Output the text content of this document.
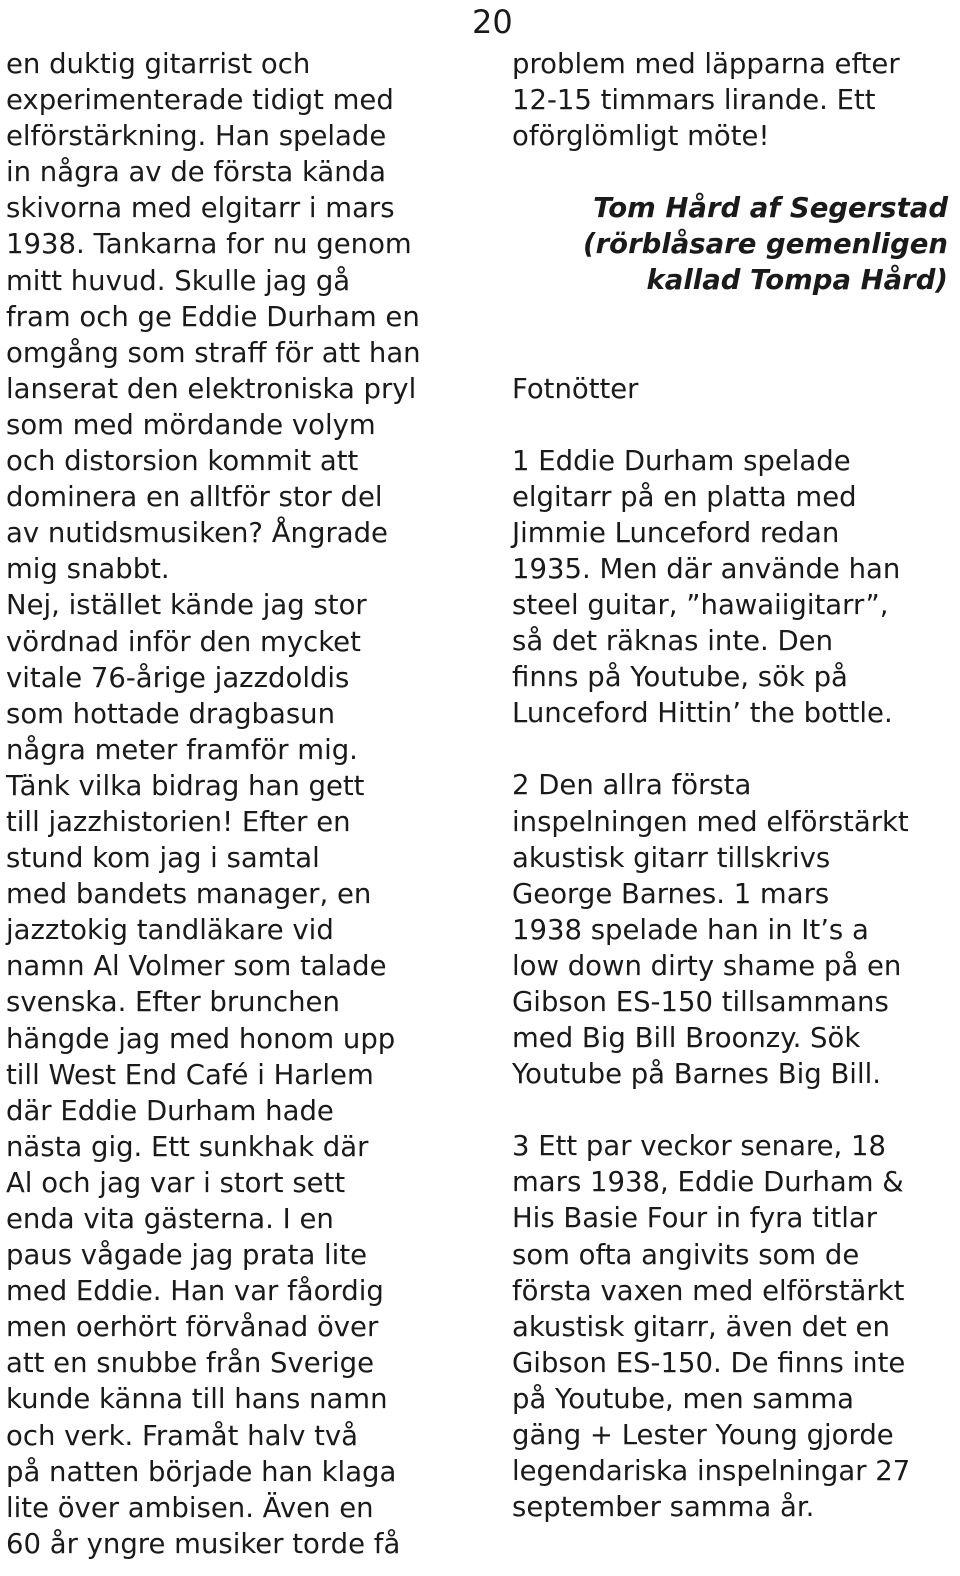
20
en duktig gitarrist och
experimenterade tidigt med
elförstärkning. Han spelade
in några av de första kända
skivorna med elgitarr i mars
1938. Tankarna for nu genom
mitt huvud. Skulle jag gå
fram och ge Eddie Durham en
omgång som straff för att han
lanserat den elektroniska pryl
som med mördande volym
och distorsion kommit att
dominera en alltför stor del
av nutidsmusiken? Ångrade
mig snabbt.
Nej, istället kände jag stor
vördnad inför den mycket
vitale 76-årige jazzdoldis
som hottade dragbasun
några meter framför mig.
Tänk vilka bidrag han gett
till jazzhistorien! Efter en
stund kom jag i samtal
med bandets manager, en
jazztokig tandläkare vid
namn Al Volmer som talade
svenska. Efter brunchen
hängde jag med honom upp
till West End Café i Harlem
där Eddie Durham hade
nästa gig. Ett sunkhak där
Al och jag var i stort sett
enda vita gästerna. I en
paus vågade jag prata lite
med Eddie. Han var fåordig
men oerhört förvånad över
att en snubbe från Sverige
kunde känna till hans namn
och verk. Framåt halv två
på natten började han klaga
lite över ambisen. Även en
60 år yngre musiker torde få
problem med läpparna efter
12-15 timmars lirande. Ett
oförglömligt möte!
Tom Hård af Segerstad
(rörblåsare gemenligen
kallad Tompa Hård)
Fotnötter
1 Eddie Durham spelade
elgitarr på en platta med
Jimmie Lunceford redan
1935. Men där använde han
steel guitar, ”hawaiigitarr”,
så det räknas inte. Den
finns på Youtube, sök på
Lunceford Hittin’ the bottle.
2 Den allra första
inspelningen med elförstärkt
akustisk gitarr tillskrivs
George Barnes. 1 mars
1938 spelade han in It’s a
low down dirty shame på en
Gibson ES-150 tillsammans
med Big Bill Broonzy. Sök
Youtube på Barnes Big Bill.
3 Ett par veckor senare, 18
mars 1938, Eddie Durham &
His Basie Four in fyra titlar
som ofta angivits som de
första vaxen med elförstärkt
akustisk gitarr, även det en
Gibson ES-150. De finns inte
på Youtube, men samma
gäng + Lester Young gjorde
legendariska inspelningar 27
september samma år.
